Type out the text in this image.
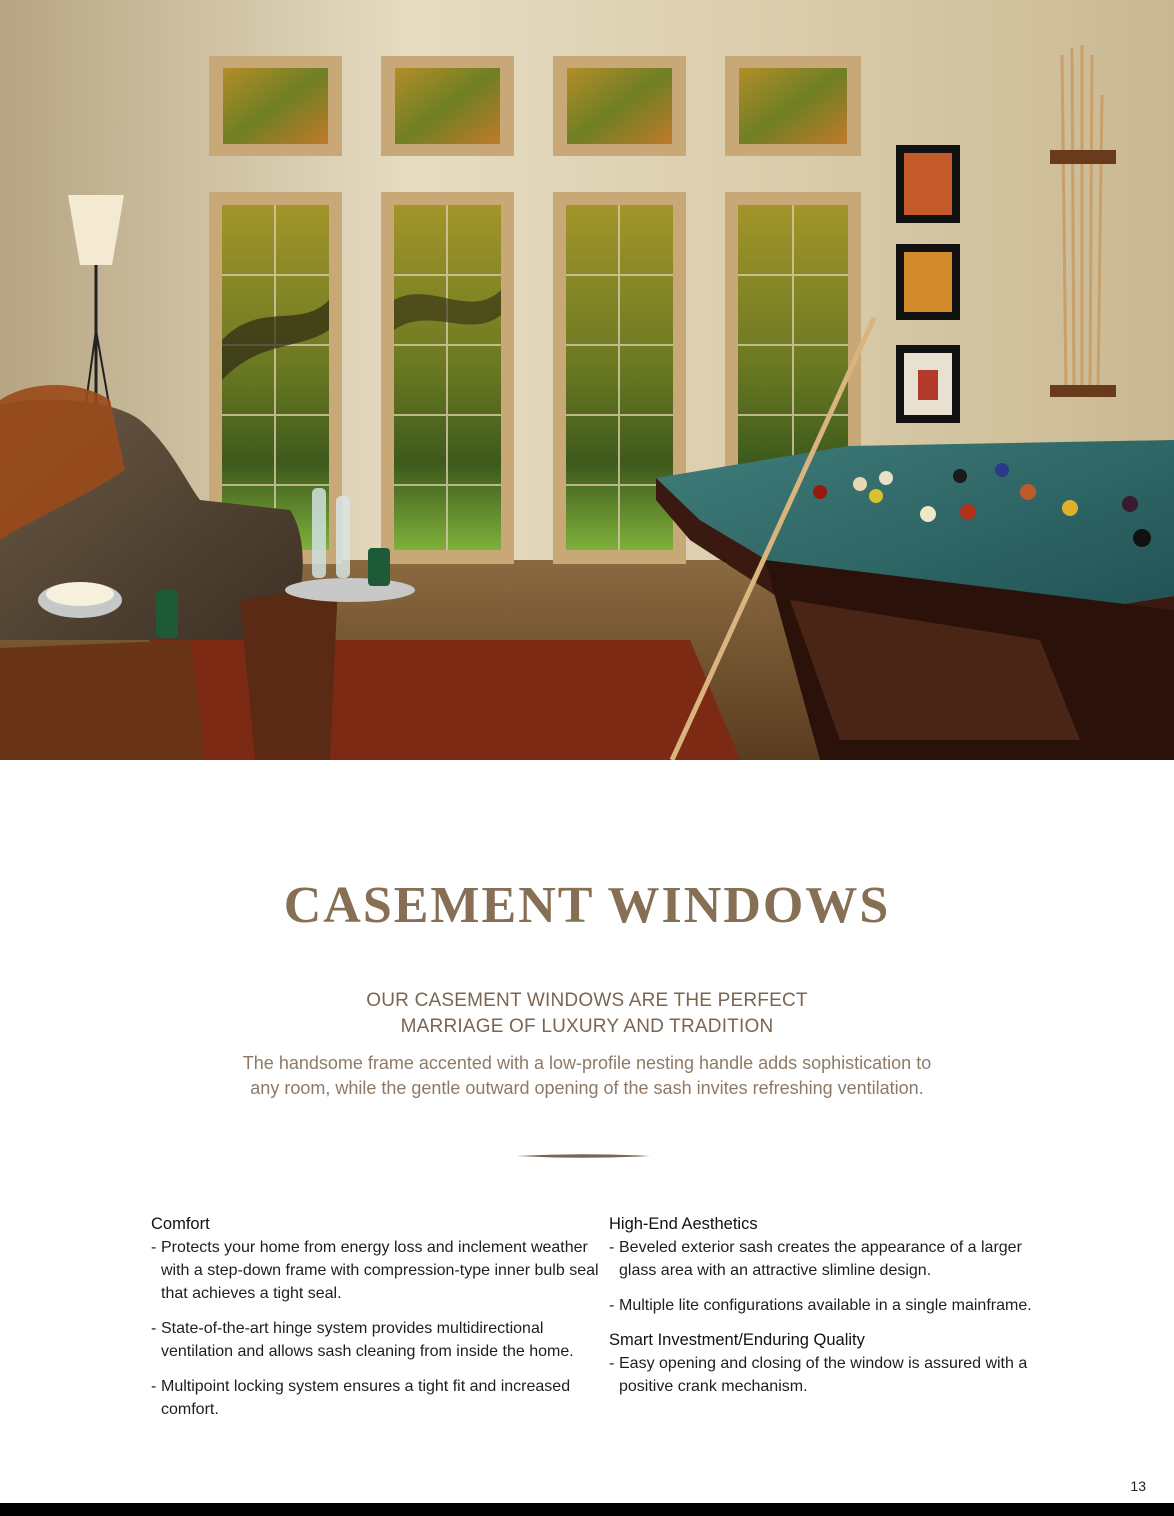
CASEMENT WINDOWS
OUR CASEMENT WINDOWS ARE THE PERFECT
MARRIAGE OF LUXURY AND TRADITION
The handsome frame accented with a low-profile nesting handle adds sophistication to
any room, while the gentle outward opening of the sash invites refreshing ventilation.
Comfort
- Protects your home from energy loss and inclement weather with a step-down frame with compression-type inner bulb seal that achieves a tight seal.
- State-of-the-art hinge system provides multidirectional ventilation and allows sash cleaning from inside the home.
- Multipoint locking system ensures a tight fit and increased comfort.
High-End Aesthetics
- Beveled exterior sash creates the appearance of a larger glass area with an attractive slimline design.
- Multiple lite configurations available in a single mainframe.
Smart Investment/Enduring Quality
- Easy opening and closing of the window is assured with a positive crank mechanism.
13
